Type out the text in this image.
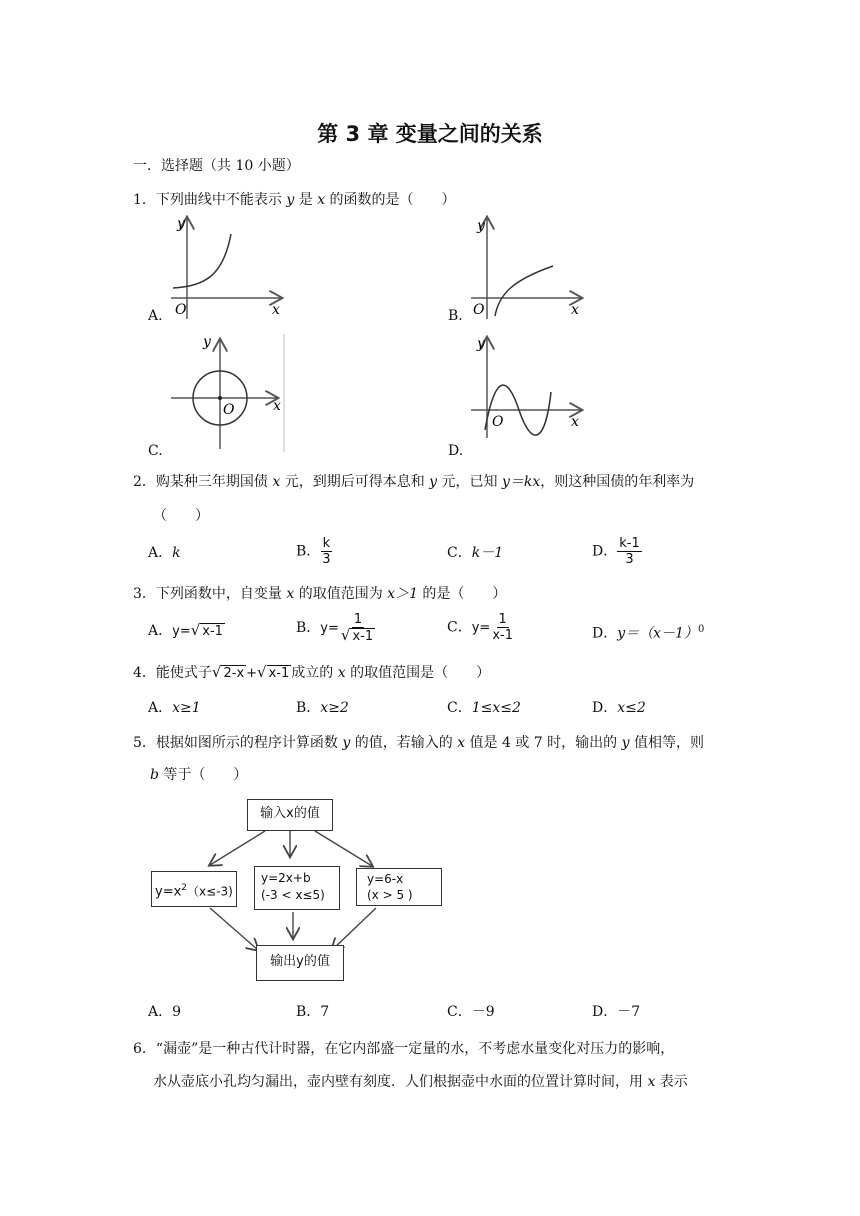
第 3 章 变量之间的关系
一．选择题（共 10 小题）
1．下列曲线中不能表示 y 是 x 的函数的是（　　）
y
x
O
A.
y
x
O
B.
y
x
O
C.
y
x
O
D.
2．购某种三年期国债 x 元，到期后可得本息和 y 元，已知 y＝kx，则这种国债的年利率为
（　　）
A．k	B． $\frac{k}{3}$	C．k－1	D． $\frac{k-1}{3}$
3．下列函数中，自变量 x 的取值范围为 x＞1 的是（　　）
A．y=√ x-1	B．$y= \frac{1}{√ x-1}$	C．$y= \frac{1}{x-1}$	D．$y=(x-1)^0$
4．能使式子√ 2-x +√ x-1 成立的 x 的取值范围是（　　）
A．x≥1	B．x≥2	C．1≤x≤2	D．x≤2
5．根据如图所示的程序计算函数 y 的值，若输入的 x 值是 4 或 7 时，输出的 y 值相等，则
b 等于（　　）
输入x的值
$y=x^2(x\le-3)$
y=2x+b
(-3 < x≤5)
y=6-x
(x > 5 )
输出y的值
A．9	B．7	C．－9	D．－7
6．“漏壶”是一种古代计时器，在它内部盛一定量的水，不考虑水量变化对压力的影响，
水从壶底小孔均匀漏出，壶内壁有刻度．人们根据壶中水面的位置计算时间，用 x 表示
